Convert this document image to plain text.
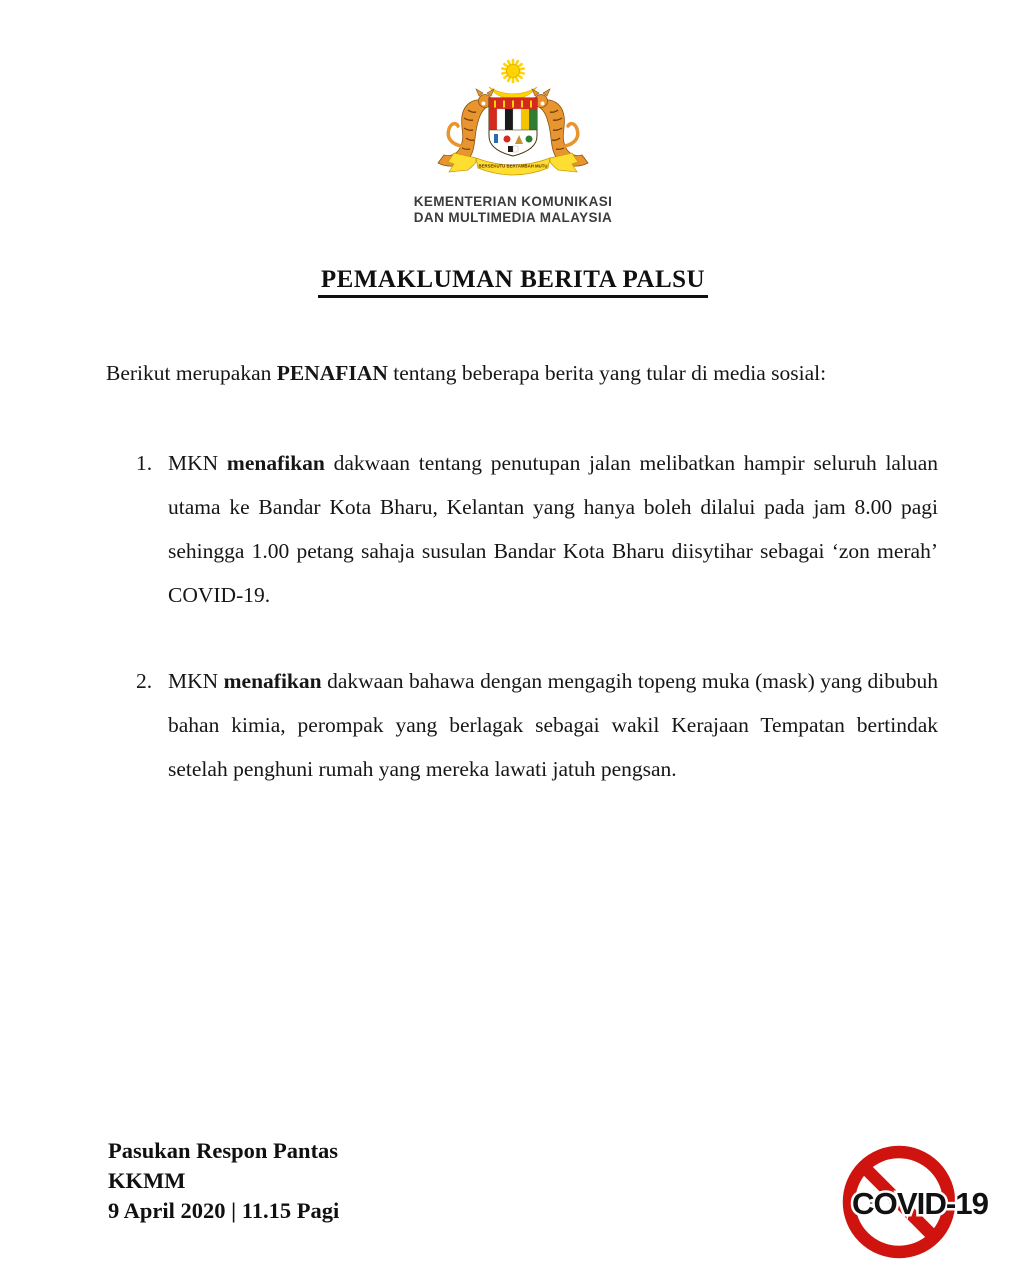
BERSEKUTU BERTAMBAH MUTU
KEMENTERIAN KOMUNIKASI
DAN MULTIMEDIA MALAYSIA
PEMAKLUMAN BERITA PALSU

Berikut merupakan PENAFIAN tentang beberapa berita yang tular di media sosial:

1. MKN menafikan dakwaan tentang penutupan jalan melibatkan hampir seluruh laluan utama ke Bandar Kota Bharu, Kelantan yang hanya boleh dilalui pada jam 8.00 pagi sehingga 1.00 petang sahaja susulan Bandar Kota Bharu diisytihar sebagai ‘zon merah’ COVID-19.
2. MKN menafikan dakwaan bahawa dengan mengagih topeng muka (mask) yang dibubuh bahan kimia, perompak yang berlagak sebagai wakil Kerajaan Tempatan bertindak setelah penghuni rumah yang mereka lawati jatuh pengsan.
Pasukan Respon Pantas
KKMM
9 April 2020 | 11.15 Pagi	COVID-19
